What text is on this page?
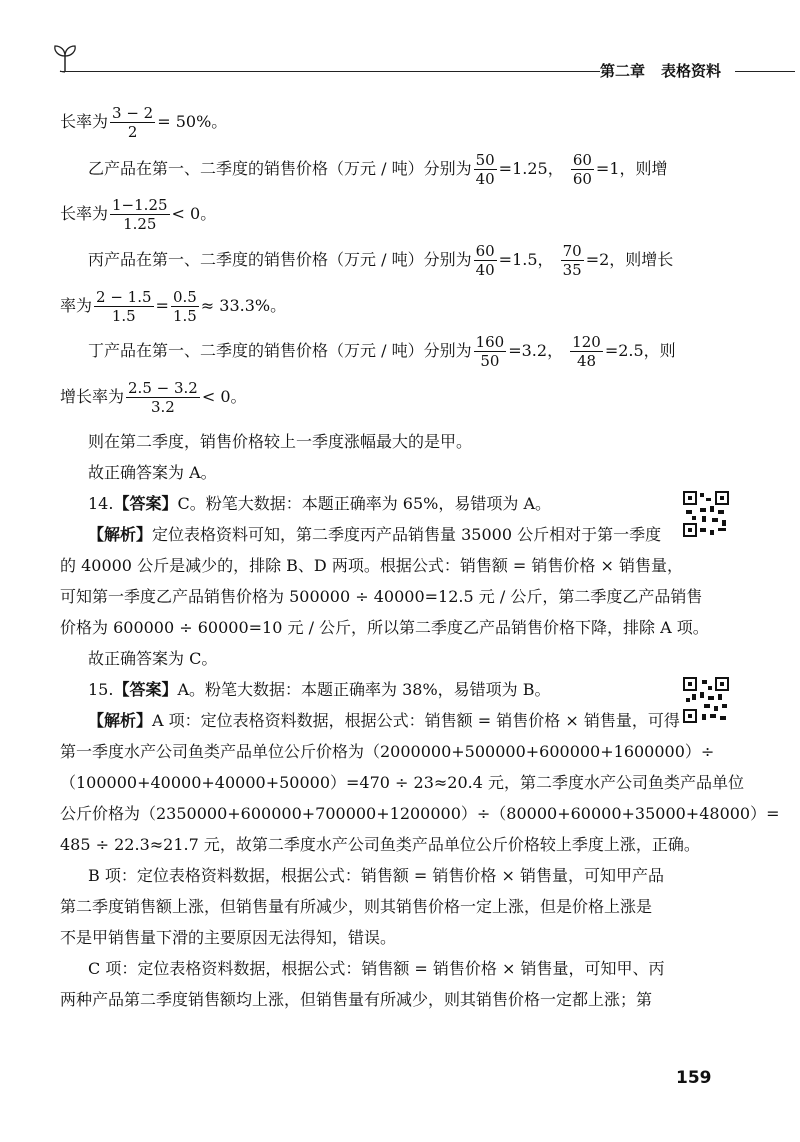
第二章 表格资料
长率为 $\frac{3 - 2}{2} = 50\%$。
乙产品在第一、二季度的销售价格（万元 / 吨）分别为 $\frac{50}{40} =1.25$， $\frac{60}{60} =1$，则增
长率为 $\frac{1-1.25}{1.25} < 0$。
丙产品在第一、二季度的销售价格（万元 / 吨）分别为 $\frac{60}{40} =1.5$， $\frac{70}{35} =2$，则增长
率为 $\frac{2 - 1.5}{1.5} = \frac{0.5}{1.5} \approx 33.3\%$。
丁产品在第一、二季度的销售价格（万元 / 吨）分别为 $\frac{160}{50} =3.2$， $\frac{120}{48} =2.5$，则
增长率为 $\frac{2.5 - 3.2}{3.2} < 0$。
则在第二季度，销售价格较上一季度涨幅最大的是甲。
故正确答案为 A。
14.【答案】C。粉笔大数据：本题正确率为 65%，易错项为 A。
【解析】定位表格资料可知，第二季度丙产品销售量 35000 公斤相对于第一季度
的 40000 公斤是减少的，排除 B、D 两项。根据公式：销售额 = 销售价格 × 销售量，
可知第一季度乙产品销售价格为 500000 ÷ 40000=12.5 元 / 公斤，第二季度乙产品销售
价格为 600000 ÷ 60000=10 元 / 公斤，所以第二季度乙产品销售价格下降，排除 A 项。
故正确答案为 C。
15.【答案】A。粉笔大数据：本题正确率为 38%，易错项为 B。
【解析】A 项：定位表格资料数据，根据公式：销售额 = 销售价格 × 销售量，可得
第一季度水产公司鱼类产品单位公斤价格为（2000000+500000+600000+1600000）÷
（100000+40000+40000+50000）=470 ÷ 23≈20.4 元，第二季度水产公司鱼类产品单位
公斤价格为（2350000+600000+700000+1200000）÷（80000+60000+35000+48000）=
485 ÷ 22.3≈21.7 元，故第二季度水产公司鱼类产品单位公斤价格较上季度上涨，正确。
B 项：定位表格资料数据，根据公式：销售额 = 销售价格 × 销售量，可知甲产品
第二季度销售额上涨，但销售量有所减少，则其销售价格一定上涨，但是价格上涨是
不是甲销售量下滑的主要原因无法得知，错误。
C 项：定位表格资料数据，根据公式：销售额 = 销售价格 × 销售量，可知甲、丙
两种产品第二季度销售额均上涨，但销售量有所减少，则其销售价格一定都上涨；第
159
